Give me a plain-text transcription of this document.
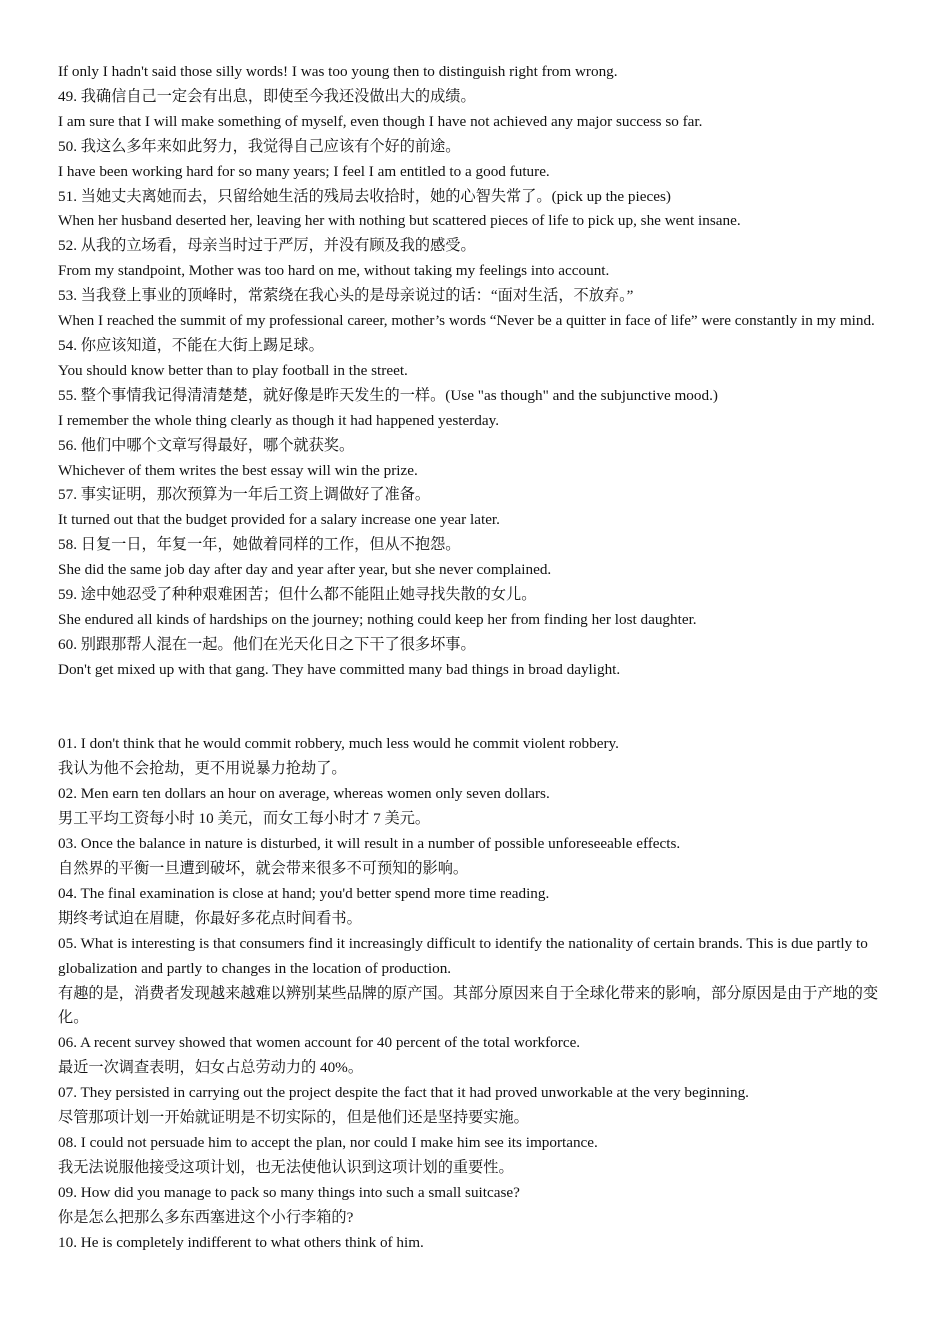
If only I hadn't said those silly words! I was too young then to distinguish right from wrong.
49. 我确信自己一定会有出息，即使至今我还没做出大的成绩。
I am sure that I will make something of myself, even though I have not achieved any major success so far.
50. 我这么多年来如此努力，我觉得自己应该有个好的前途。
I have been working hard for so many years; I feel I am entitled to a good future.
51. 当她丈夫离她而去，只留给她生活的残局去收拾时，她的心智失常了。(pick up the pieces)
When her husband deserted her, leaving her with nothing but scattered pieces of life to pick up, she went insane.
52. 从我的立场看，母亲当时过于严厉，并没有顾及我的感受。
From my standpoint, Mother was too hard on me, without taking my feelings into account.
53. 当我登上事业的顶峰时，常萦绕在我心头的是母亲说过的话：“面对生活，不放弃。”
When I reached the summit of my professional career, mother’s words “Never be a quitter in face of life” were constantly in my mind.
54. 你应该知道，不能在大街上踢足球。
You should know better than to play football in the street.
55. 整个事情我记得清清楚楚，就好像是昨天发生的一样。(Use "as though" and the subjunctive mood.)
I remember the whole thing clearly as though it had happened yesterday.
56. 他们中哪个文章写得最好，哪个就获奖。
Whichever of them writes the best essay will win the prize.
57. 事实证明，那次预算为一年后工资上调做好了准备。
It turned out that the budget provided for a salary increase one year later.
58. 日复一日，年复一年，她做着同样的工作，但从不抱怨。
She did the same job day after day and year after year, but she never complained.
59. 途中她忍受了种种艰难困苦；但什么都不能阻止她寻找失散的女儿。
She endured all kinds of hardships on the journey; nothing could keep her from finding her lost daughter.
60. 别跟那帮人混在一起。他们在光天化日之下干了很多坏事。
Don't get mixed up with that gang. They have committed many bad things in broad daylight.
01. I don't think that he would commit robbery, much less would he commit violent robbery.
我认为他不会抢劫，更不用说暴力抢劫了。
02. Men earn ten dollars an hour on average, whereas women only seven dollars.
男工平均工资每小时 10 美元，而女工每小时才 7 美元。
03. Once the balance in nature is disturbed, it will result in a number of possible unforeseeable effects.
自然界的平衡一旦遭到破坏，就会带来很多不可预知的影响。
04. The final examination is close at hand; you'd better spend more time reading.
期终考试迫在眉睫，你最好多花点时间看书。
05. What is interesting is that consumers find it increasingly difficult to identify the nationality of certain brands. This is due partly to globalization and partly to changes in the location of production.
有趣的是，消费者发现越来越难以辨别某些品牌的原产国。其部分原因来自于全球化带来的影响，部分原因是由于产地的变化。
06. A recent survey showed that women account for 40 percent of the total workforce.
最近一次调查表明，妇女占总劳动力的 40%。
07. They persisted in carrying out the project despite the fact that it had proved unworkable at the very beginning.
尽管那项计划一开始就证明是不切实际的，但是他们还是坚持要实施。
08. I could not persuade him to accept the plan, nor could I make him see its importance.
我无法说服他接受这项计划，也无法使他认识到这项计划的重要性。
09. How did you manage to pack so many things into such a small suitcase?
你是怎么把那么多东西塞进这个小行李箱的?
10. He is completely indifferent to what others think of him.
